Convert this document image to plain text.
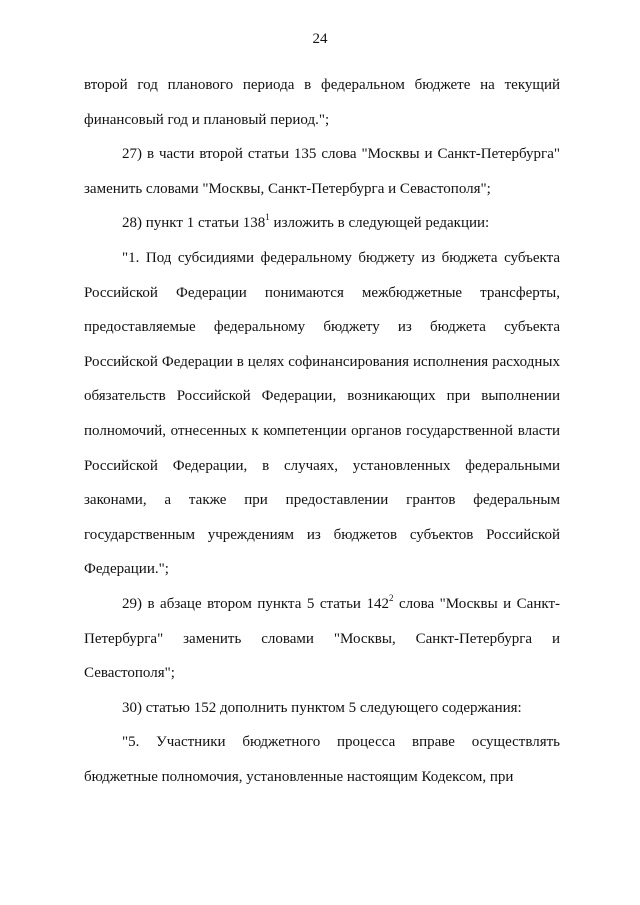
24

второй год планового периода в федеральном бюджете на текущий финансовый год и плановый период.";

27) в части второй статьи 135 слова "Москвы и Санкт-Петербурга" заменить словами "Москвы, Санкт-Петербурга и Севастополя";

28) пункт 1 статьи $138^1$ изложить в следующей редакции:

"1. Под субсидиями федеральному бюджету из бюджета субъекта Российской Федерации понимаются межбюджетные трансферты, предоставляемые федеральному бюджету из бюджета субъекта Российской Федерации в целях софинансирования исполнения расходных обязательств Российской Федерации, возникающих при выполнении полномочий, отнесенных к компетенции органов государственной власти Российской Федерации, в случаях, установленных федеральными законами, а также при предоставлении грантов федеральным государственным учреждениям из бюджетов субъектов Российской Федерации.";

29) в абзаце втором пункта 5 статьи $142^2$ слова "Москвы и Санкт-Петербурга" заменить словами "Москвы, Санкт-Петербурга и Севастополя";

30) статью 152 дополнить пунктом 5 следующего содержания:

"5. Участники бюджетного процесса вправе осуществлять бюджетные полномочия, установленные настоящим Кодексом, при
